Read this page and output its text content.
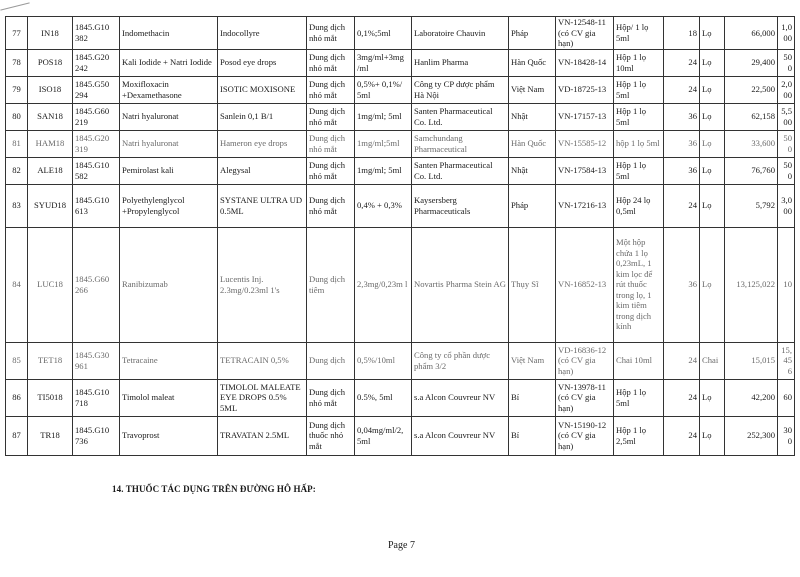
77	IN18	1845.G10 382	Indomethacin	Indocollyre	Dung dịch nhỏ mắt	0,1%;5ml	Laboratoire Chauvin	Pháp	VN-12548-11 (có CV gia hạn)	Hộp/ 1 lọ 5ml	18	Lọ	66,000	1,000
78	POS18	1845.G20 242	Kali Iodide + Natri Iodide	Posod eye drops	Dung dịch nhỏ mắt	3mg/ml+3mg /ml	Hanlim Pharma	Hàn Quốc	VN-18428-14	Hộp 1 lọ 10ml	24	Lọ	29,400	500
79	ISO18	1845.G50 294	Moxifloxacin +Dexamethasone	ISOTIC MOXISONE	Dung dịch nhỏ mắt	0,5%+ 0,1%/ 5ml	Công ty CP dược phẩm Hà Nội	Việt Nam	VD-18725-13	Hộp 1 lọ 5ml	24	Lọ	22,500	2,000
80	SAN18	1845.G60 219	Natri hyaluronat	Sanlein 0,1 B/1	Dung dịch nhỏ mắt	1mg/ml; 5ml	Santen Pharmaceutical Co. Ltd.	Nhật	VN-17157-13	Hộp 1 lọ 5ml	36	Lọ	62,158	5,500
81	HAM18	1845.G20 319	Natri hyaluronat	Hameron eye drops	Dung dịch nhỏ mắt	1mg/ml;5ml	Samchundang Pharmaceutical	Hàn Quốc	VN-15585-12	hộp 1 lọ 5ml	36	Lọ	33,600	500
82	ALE18	1845.G10 582	Pemirolast kali	Alegysal	Dung dịch nhỏ mắt	1mg/ml; 5ml	Santen Pharmaceutical Co. Ltd.	Nhật	VN-17584-13	Hộp 1 lọ 5ml	36	Lọ	76,760	500
83	SYUD18	1845.G10 613	Polyethylenglycol +Propylenglycol	SYSTANE ULTRA UD 0.5ML	Dung dịch nhỏ mắt	0,4% + 0,3%	Kaysersberg Pharmaceuticals	Pháp	VN-17216-13	Hộp 24 lọ 0,5ml	24	Lọ	5,792	3,000
84	LUC18	1845.G60 266	Ranibizumab	Lucentis Inj. 2.3mg/0.23ml 1's	Dung dịch tiêm	2,3mg/0,23m l	Novartis Pharma Stein AG	Thụy Sĩ	VN-16852-13	Một hộp chứa 1 lọ 0,23mL, 1 kim lọc để rút thuốc trong lọ, 1 kim tiêm trong dịch kính	36	Lọ	13,125,022	10
85	TET18	1845.G30 961	Tetracaine	TETRACAIN 0,5%	Dung dịch	0,5%/10ml	Công ty cổ phần dược phẩm 3/2	Việt Nam	VD-16836-12 (có CV gia hạn)	Chai 10ml	24	Chai	15,015	15,456
86	TI5018	1845.G10 718	Timolol maleat	TIMOLOL MALEATE EYE DROPS 0.5% 5ML	Dung dịch nhỏ mắt	0.5%, 5ml	s.a Alcon Couvreur NV	Bỉ	VN-13978-11 (có CV gia hạn)	Hộp 1 lọ 5ml	24	Lọ	42,200	60
87	TR18	1845.G10 736	Travoprost	TRAVATAN 2.5ML	Dung dịch thuốc nhỏ mắt	0,04mg/ml/2, 5ml	s.a Alcon Couvreur NV	Bỉ	VN-15190-12 (có CV gia hạn)	Hộp 1 lọ 2,5ml	24	Lọ	252,300	300

14. THUỐC TÁC DỤNG TRÊN ĐƯỜNG HÔ HẤP:

Page 7
